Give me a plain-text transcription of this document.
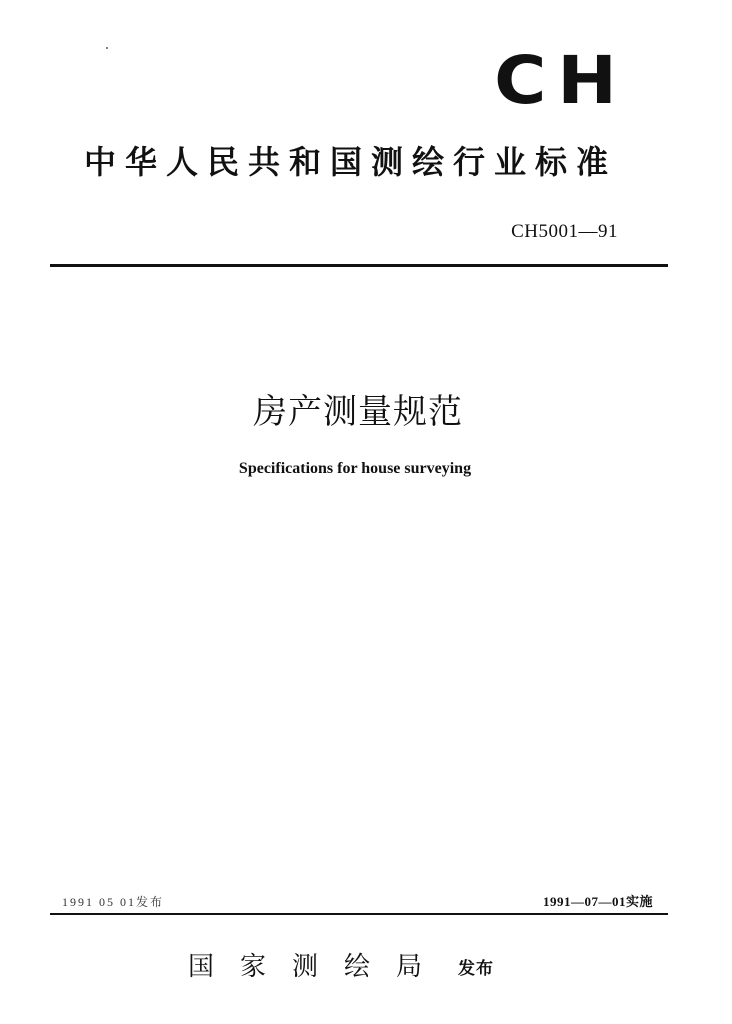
CH
中华人民共和国测绘行业标准
CH5001—91
房产测量规范
Specifications for house surveying
1991 05 01发布	1991—07—01实施
国家测绘局 发布
